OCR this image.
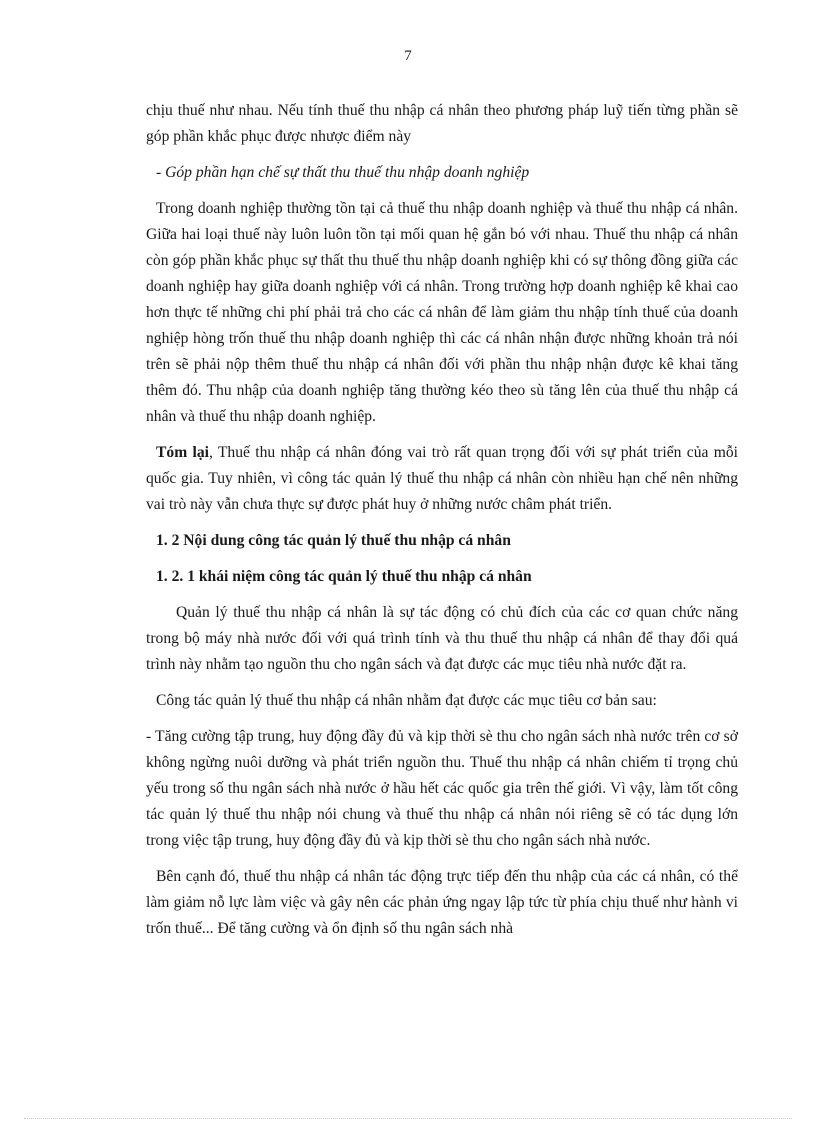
7

chịu thuế như nhau. Nếu tính thuế thu nhập cá nhân theo phương pháp luỹ tiến từng phần sẽ góp phần khắc phục được nhược điểm này

- Góp phần hạn chế sự thất thu thuế thu nhập doanh nghiệp

Trong doanh nghiệp thường tồn tại cả thuế thu nhập doanh nghiệp và thuế thu nhập cá nhân. Giữa hai loại thuế này luôn luôn tồn tại mối quan hệ gắn bó với nhau. Thuế thu nhập cá nhân còn góp phần khắc phục sự thất thu thuế thu nhập doanh nghiệp khi có sự thông đồng giữa các doanh nghiệp hay giữa doanh nghiệp với cá nhân. Trong trường hợp doanh nghiệp kê khai cao hơn thực tế những chi phí phải trả cho các cá nhân để làm giảm thu nhập tính thuế của doanh nghiệp hòng trốn thuế thu nhập doanh nghiệp thì các cá nhân nhận được những khoản trả nói trên sẽ phải nộp thêm thuế thu nhập cá nhân đối với phần thu nhập nhận được kê khai tăng thêm đó. Thu nhập của doanh nghiệp tăng thường kéo theo sù tăng lên của thuế thu nhập cá nhân và thuế thu nhập doanh nghiệp.

Tóm lại, Thuế thu nhập cá nhân đóng vai trò rất quan trọng đối với sự phát triển của mỗi quốc gia. Tuy nhiên, vì công tác quản lý thuế thu nhập cá nhân còn nhiều hạn chế nên những vai trò này vẫn chưa thực sự được phát huy ở những nước châm phát triển.

1. 2 Nội dung công tác quản lý thuế thu nhập cá nhân

1. 2. 1 khái niệm công tác quản lý thuế thu nhập cá nhân

Quản lý thuế thu nhập cá nhân là sự tác động có chủ đích của các cơ quan chức năng trong bộ máy nhà nước đối với quá trình tính và thu thuế thu nhập cá nhân để thay đổi quá trình này nhằm tạo nguồn thu cho ngân sách và đạt được các mục tiêu nhà nước đặt ra.

Công tác quản lý thuế thu nhập cá nhân nhằm đạt được các mục tiêu cơ bản sau:

- Tăng cường tập trung, huy động đầy đủ và kịp thời sè thu cho ngân sách nhà nước trên cơ sở không ngừng nuôi dưỡng và phát triển nguồn thu. Thuế thu nhập cá nhân chiếm tỉ trọng chủ yếu trong số thu ngân sách nhà nước ở hầu hết các quốc gia trên thế giới. Vì vậy, làm tốt công tác quản lý thuế thu nhập nói chung và thuế thu nhập cá nhân nói riêng sẽ có tác dụng lớn trong việc tập trung, huy động đầy đủ và kịp thời sè thu cho ngân sách nhà nước.

Bên cạnh đó, thuế thu nhập cá nhân tác động trực tiếp đến thu nhập của các cá nhân, có thể làm giảm nỗ lực làm việc và gây nên các phản ứng ngay lập tức từ phía chịu thuế như hành vi trốn thuế... Để tăng cường và ổn định số thu ngân sách nhà
